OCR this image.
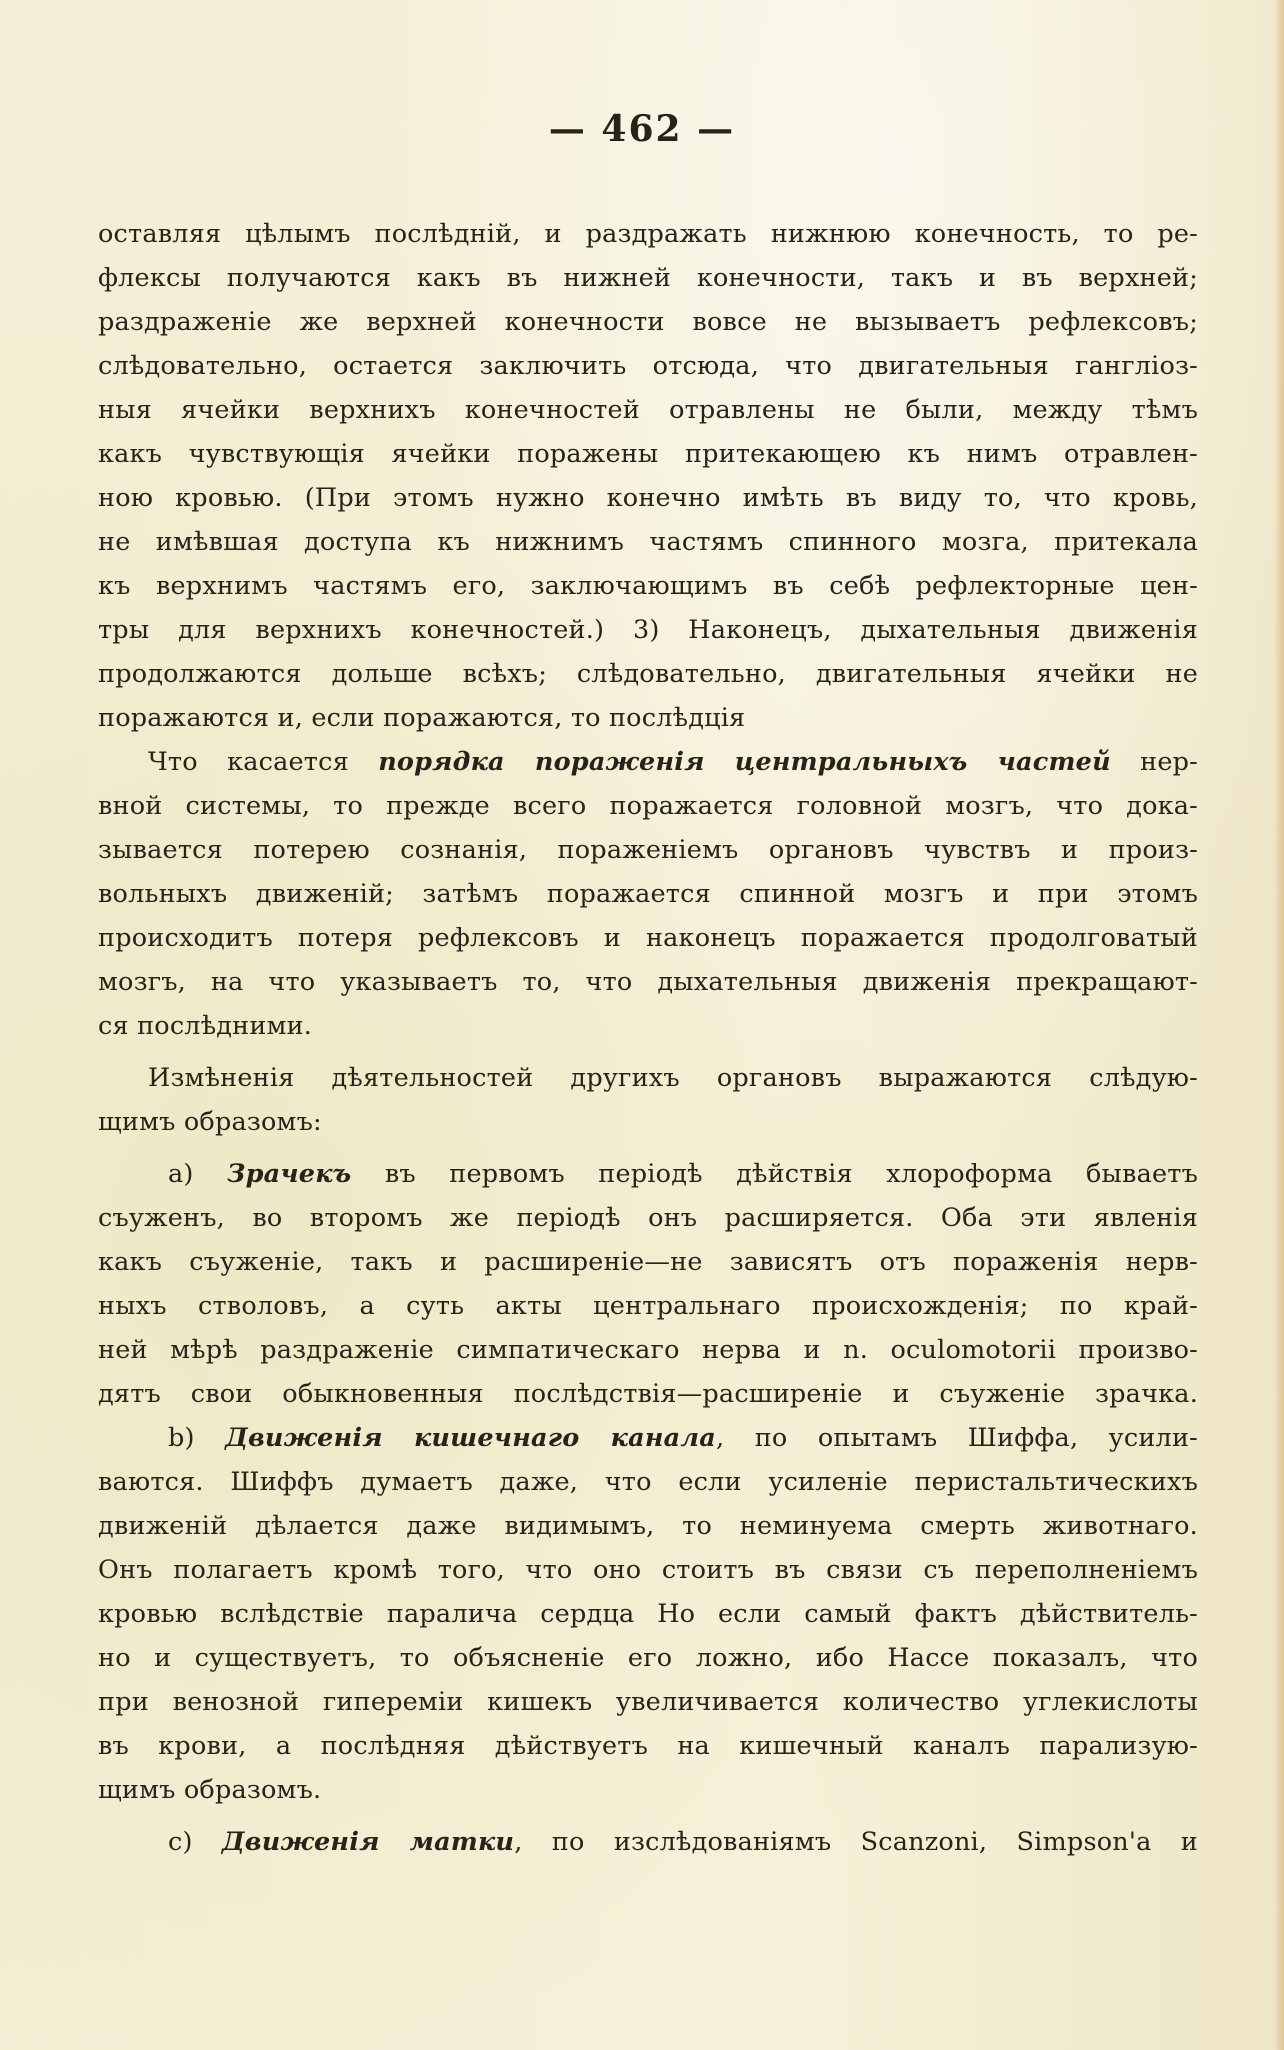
— 462 —
оставляя цѣлымъ послѣдній, и раздражать нижнюю конечность, то ре-
флексы получаются какъ въ нижней конечности, такъ и въ верхней;
раздраженіе же верхней конечности вовсе не вызываетъ рефлексовъ;
слѣдовательно, остается заключить отсюда, что двигательныя гангліоз-
ныя ячейки верхнихъ конечностей отравлены не были, между тѣмъ
какъ чувствующія ячейки поражены притекающею къ нимъ отравлен-
ною кровью. (При этомъ нужно конечно имѣть въ виду то, что кровь,
не имѣвшая доступа къ нижнимъ частямъ спинного мозга, притекала
къ верхнимъ частямъ его, заключающимъ въ себѣ рефлекторные цен-
тры для верхнихъ конечностей.) 3) Наконецъ, дыхательныя движенія
продолжаются дольше всѣхъ; слѣдовательно, двигательныя ячейки не
поражаются и, если поражаются, то послѣдція
Что касается порядка пораженія центральныхъ частей нер-
вной системы, то прежде всего поражается головной мозгъ, что дока-
зывается потерею сознанія, пораженіемъ органовъ чувствъ и произ-
вольныхъ движеній; затѣмъ поражается спинной мозгъ и при этомъ
происходитъ потеря рефлексовъ и наконецъ поражается продолговатый
мозгъ, на что указываетъ то, что дыхательныя движенія прекращают-
ся послѣдними.
Измѣненія дѣятельностей другихъ органовъ выражаются слѣдую-
щимъ образомъ:
а) Зрачекъ въ первомъ періодѣ дѣйствія хлороформа бываетъ
съуженъ, во второмъ же періодѣ онъ расширяется. Оба эти явленія
какъ съуженіе, такъ и расширеніе—не зависятъ отъ пораженія нерв-
ныхъ стволовъ, а суть акты центральнаго происхожденія; по край-
ней мѣрѣ раздраженіе симпатическаго нерва и n. oculomotorii произво-
дятъ свои обыкновенныя послѣдствія—расширеніе и съуженіе зрачка.
b) Движенія кишечнаго канала, по опытамъ Шиффа, усили-
ваются. Шиффъ думаетъ даже, что если усиленіе перистальтическихъ
движеній дѣлается даже видимымъ, то неминуема смерть животнаго.
Онъ полагаетъ кромѣ того, что оно стоитъ въ связи съ переполненіемъ
кровью вслѣдствіе паралича сердца Но если самый фактъ дѣйствитель-
но и существуетъ, то объясненіе его ложно, ибо Нассе показалъ, что
при венозной гипереміи кишекъ увеличивается количество углекислоты
въ крови, а послѣдняя дѣйствуетъ на кишечный каналъ парализую-
щимъ образомъ.
с) Движенія матки, по изслѣдованіямъ Scanzoni, Simpson'a и
